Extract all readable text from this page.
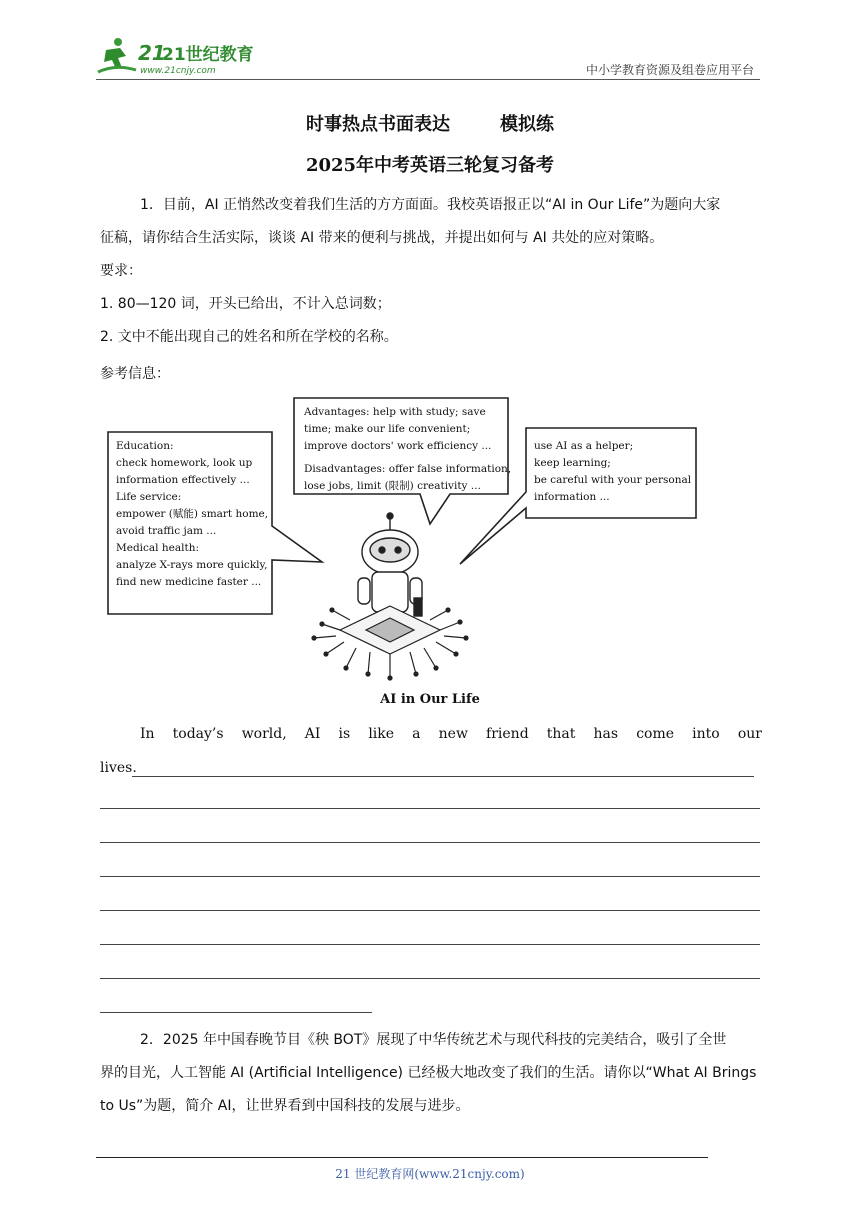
21
21世纪教育
www.21cnjy.com	中小学教育资源及组卷应用平台
时事热点书面表达	模拟练
2025年中考英语三轮复习备考
1．目前，AI 正悄然改变着我们生活的方方面面。我校英语报正以“AI in Our Life”为题向大家
征稿，请你结合生活实际，谈谈 AI 带来的便利与挑战，并提出如何与 AI 共处的应对策略。
要求：
1. 80—120 词，开头已给出，不计入总词数；
2. 文中不能出现自己的姓名和所在学校的名称。
参考信息：
Education:
check homework, look up
information effectively ...
Life service:
empower (赋能) smart home,
avoid traffic jam ...
Medical health:
analyze X-rays more quickly,
find new medicine faster ...
Advantages: help with study; save
time; make our life convenient;
improve doctors' work efficiency ...
Disadvantages: offer false information,
lose jobs, limit (限制) creativity ...
use AI as a helper;
keep learning;
be careful with your personal
information ...
AI in Our Life
In today’s world, AI is like a new friend that has come into our
lives.
2．2025 年中国春晚节目《秧 BOT》展现了中华传统艺术与现代科技的完美结合，吸引了全世
界的目光，人工智能 AI (Artificial Intelligence) 已经极大地改变了我们的生活。请你以“What AI Brings
to Us”为题，简介 AI，让世界看到中国科技的发展与进步。
21 世纪教育网(www.21cnjy.com)
